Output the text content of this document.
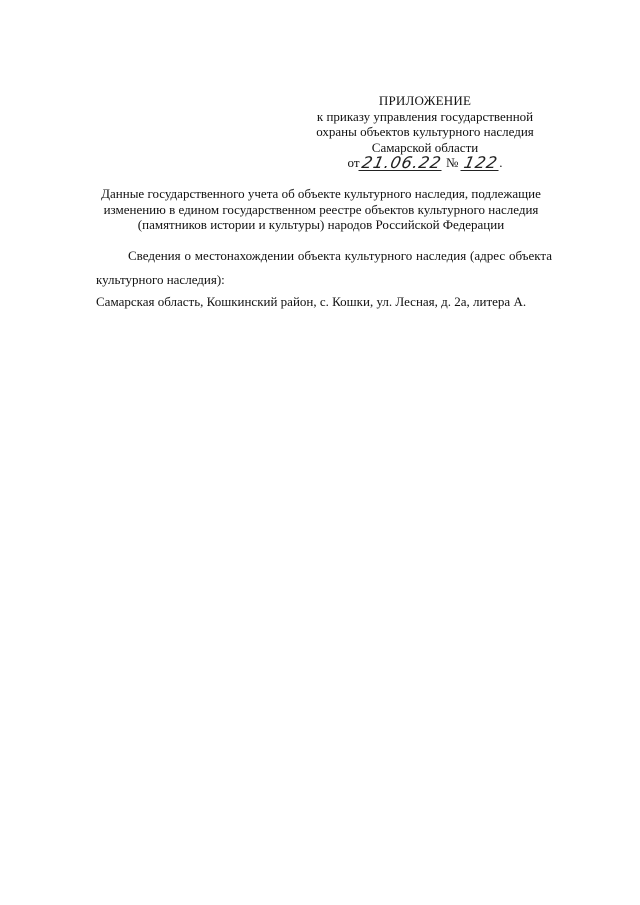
ПРИЛОЖЕНИЕ
к приказу управления государственной
охраны объектов культурного наследия
Самарской области
от21.06.22 № 122.
Данные государственного учета об объекте культурного наследия, подлежащие
изменению в едином государственном реестре объектов культурного наследия
(памятников истории и культуры) народов Российской Федерации
Сведения о местонахождении объекта культурного наследия (адрес объекта культурного наследия):
Самарская область, Кошкинский район, с. Кошки, ул. Лесная, д. 2а, литера А.
